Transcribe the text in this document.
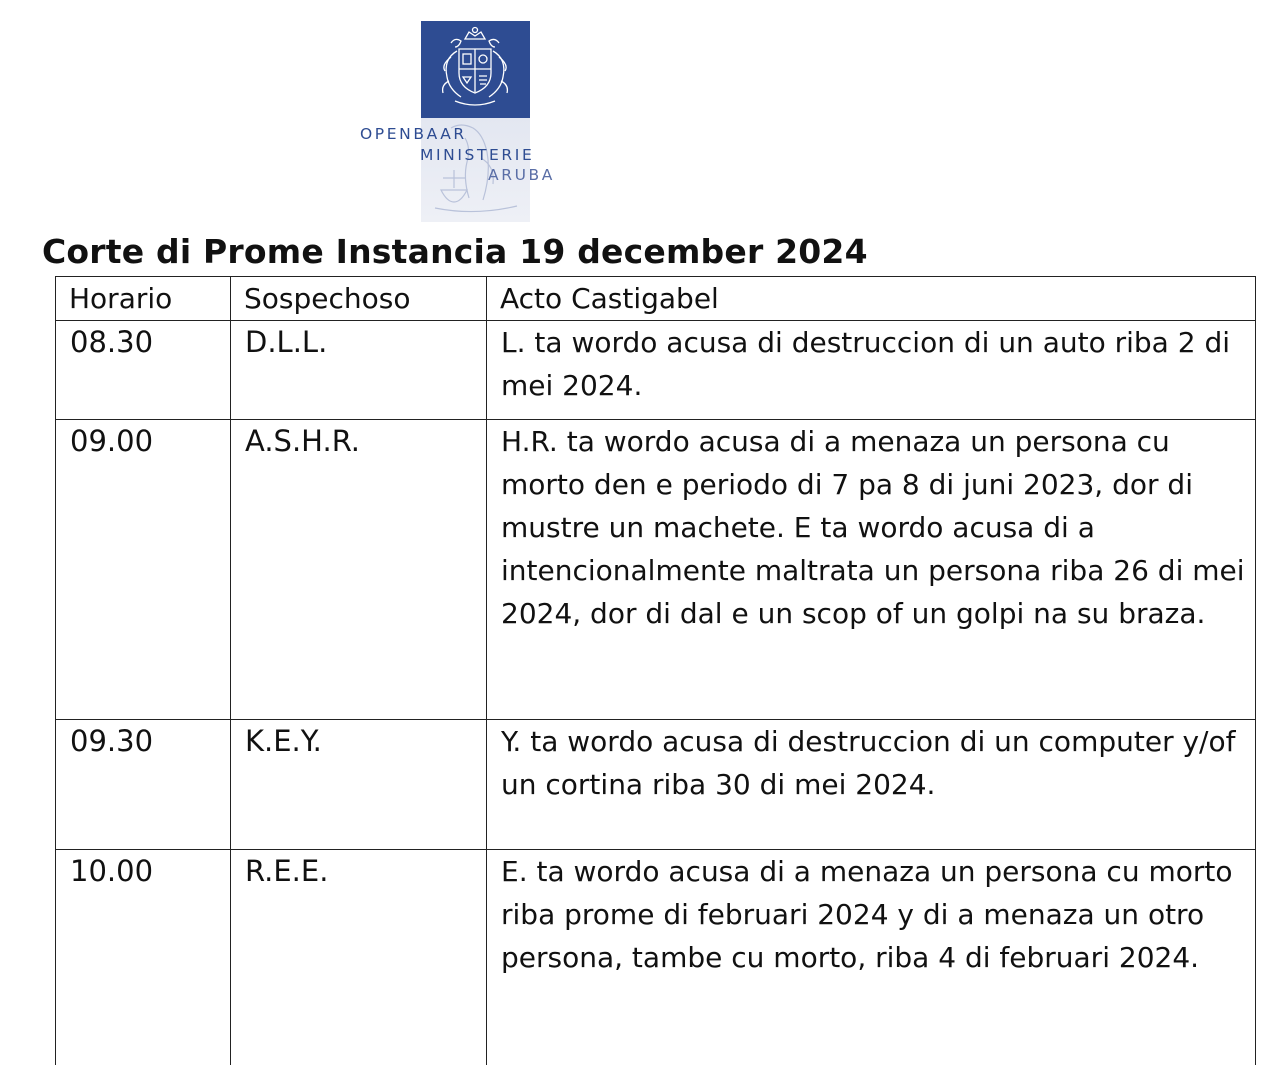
OPENBAAR
MINISTERIE
ARUBA
Corte di Prome Instancia 19 december 2024
Horario	Sospechoso	Acto Castigabel
08.30	D.L.L.	L. ta wordo acusa di destruccion di un auto riba 2 di mei 2024.
09.00	A.S.H.R.	H.R. ta wordo acusa di a menaza un persona cu morto den e periodo di 7 pa 8 di juni 2023, dor di mustre un machete. E ta wordo acusa di a intencionalmente maltrata un persona riba 26 di mei 2024, dor di dal e un scop of un golpi na su braza.
09.30	K.E.Y.	Y. ta wordo acusa di destruccion di un computer y/of un cortina riba 30 di mei 2024.
10.00	R.E.E.	E. ta wordo acusa di a menaza un persona cu morto riba prome di februari 2024 y di a menaza un otro persona, tambe cu morto, riba 4 di februari 2024.
